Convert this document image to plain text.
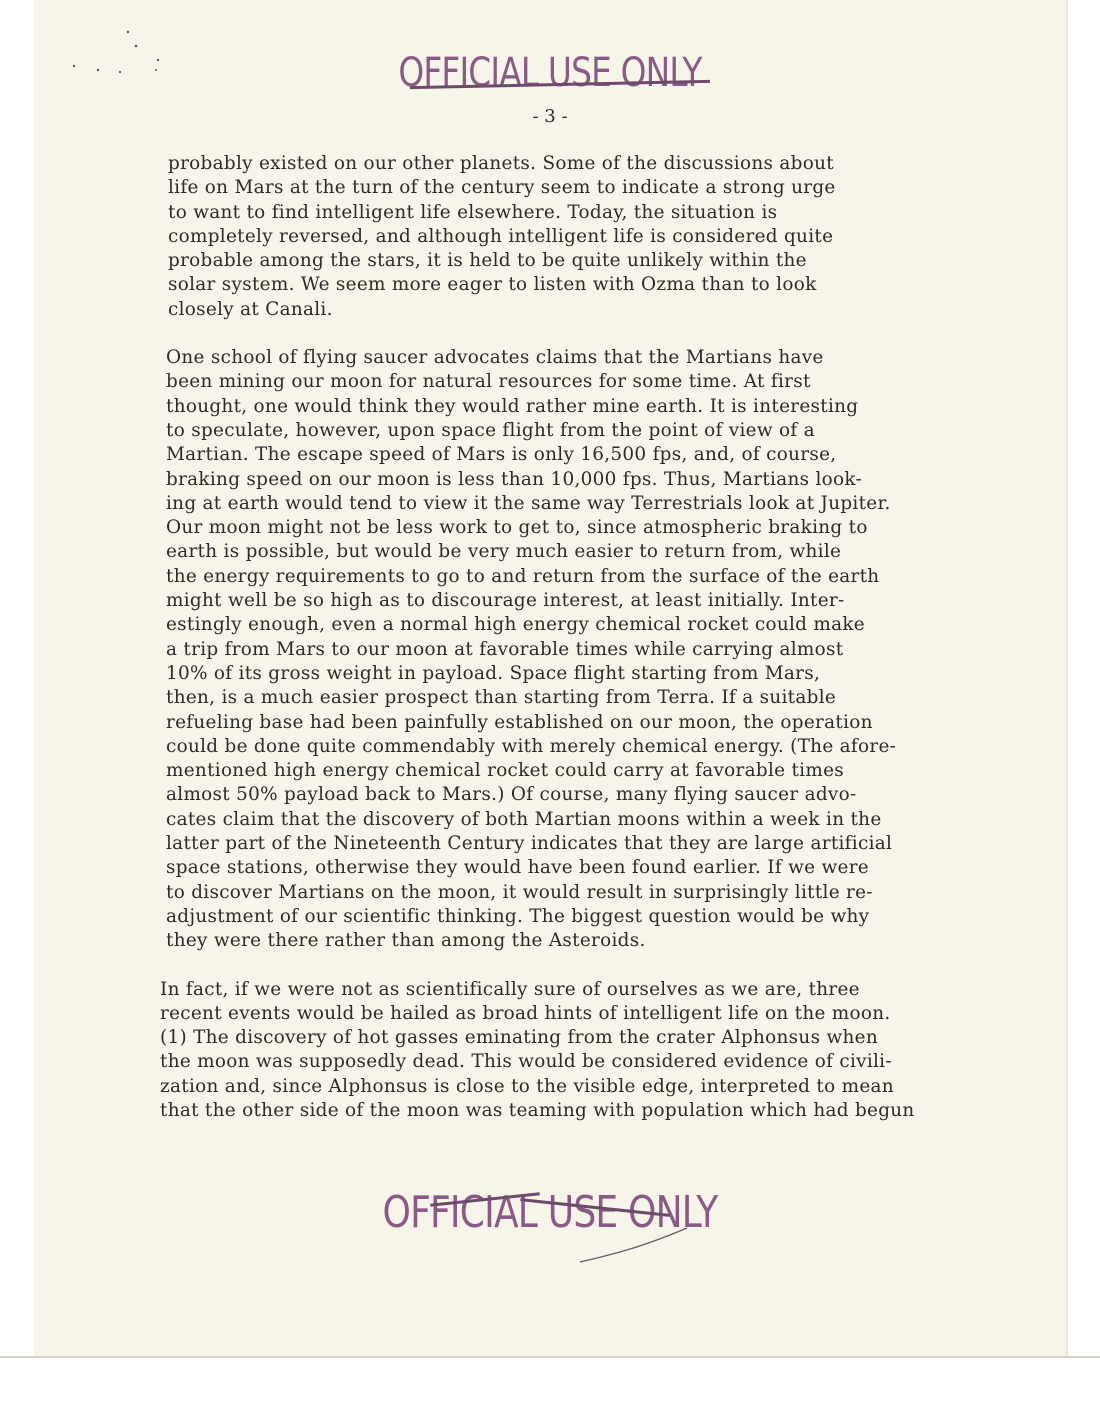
OFFICIAL USE ONLY
- 3 -
probably existed on our other planets. Some of the discussions about
life on Mars at the turn of the century seem to indicate a strong urge
to want to find intelligent life elsewhere. Today, the situation is
completely reversed, and although intelligent life is considered quite
probable among the stars, it is held to be quite unlikely within the
solar system. We seem more eager to listen with Ozma than to look
closely at Canali.
One school of flying saucer advocates claims that the Martians have
been mining our moon for natural resources for some time. At first
thought, one would think they would rather mine earth. It is interesting
to speculate, however, upon space flight from the point of view of a
Martian. The escape speed of Mars is only 16,500 fps, and, of course,
braking speed on our moon is less than 10,000 fps. Thus, Martians look-
ing at earth would tend to view it the same way Terrestrials look at Jupiter.
Our moon might not be less work to get to, since atmospheric braking to
earth is possible, but would be very much easier to return from, while
the energy requirements to go to and return from the surface of the earth
might well be so high as to discourage interest, at least initially. Inter-
estingly enough, even a normal high energy chemical rocket could make
a trip from Mars to our moon at favorable times while carrying almost
10% of its gross weight in payload. Space flight starting from Mars,
then, is a much easier prospect than starting from Terra. If a suitable
refueling base had been painfully established on our moon, the operation
could be done quite commendably with merely chemical energy. (The afore-
mentioned high energy chemical rocket could carry at favorable times
almost 50% payload back to Mars.) Of course, many flying saucer advo-
cates claim that the discovery of both Martian moons within a week in the
latter part of the Nineteenth Century indicates that they are large artificial
space stations, otherwise they would have been found earlier. If we were
to discover Martians on the moon, it would result in surprisingly little re-
adjustment of our scientific thinking. The biggest question would be why
they were there rather than among the Asteroids.
In fact, if we were not as scientifically sure of ourselves as we are, three
recent events would be hailed as broad hints of intelligent life on the moon.
(1) The discovery of hot gasses eminating from the crater Alphonsus when
the moon was supposedly dead. This would be considered evidence of civili-
zation and, since Alphonsus is close to the visible edge, interpreted to mean
that the other side of the moon was teaming with population which had begun
OFFICIAL USE ONLY
